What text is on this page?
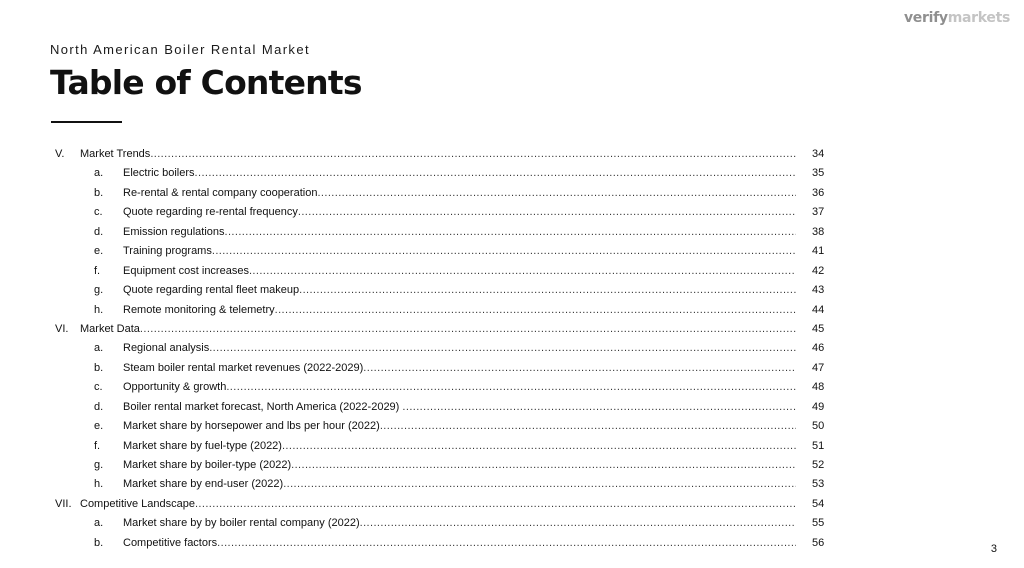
verifymarkets
North American Boiler Rental Market
Table of Contents
V. Market Trends .....	34
a. Electric boilers .....	35
b. Re-rental & rental company cooperation .....	36
c. Quote regarding re-rental frequency .....	37
d. Emission regulations .....	38
e. Training programs .....	41
f. Equipment cost increases .....	42
g. Quote regarding rental fleet makeup .....	43
h. Remote monitoring & telemetry .....	44
VI. Market Data .....	45
a. Regional analysis .....	46
b. Steam boiler rental market revenues (2022-2029) .....	47
c. Opportunity & growth .....	48
d. Boiler rental market forecast, North America (2022-2029) .....	49
e. Market share by horsepower and lbs per hour (2022) .....	50
f. Market share by fuel-type (2022) .....	51
g. Market share by boiler-type (2022) .....	52
h. Market share by end-user (2022) .....	53
VII. Competitive Landscape .....	54
a. Market share by by boiler rental company (2022) .....	55
b. Competitive factors .....	56
3
